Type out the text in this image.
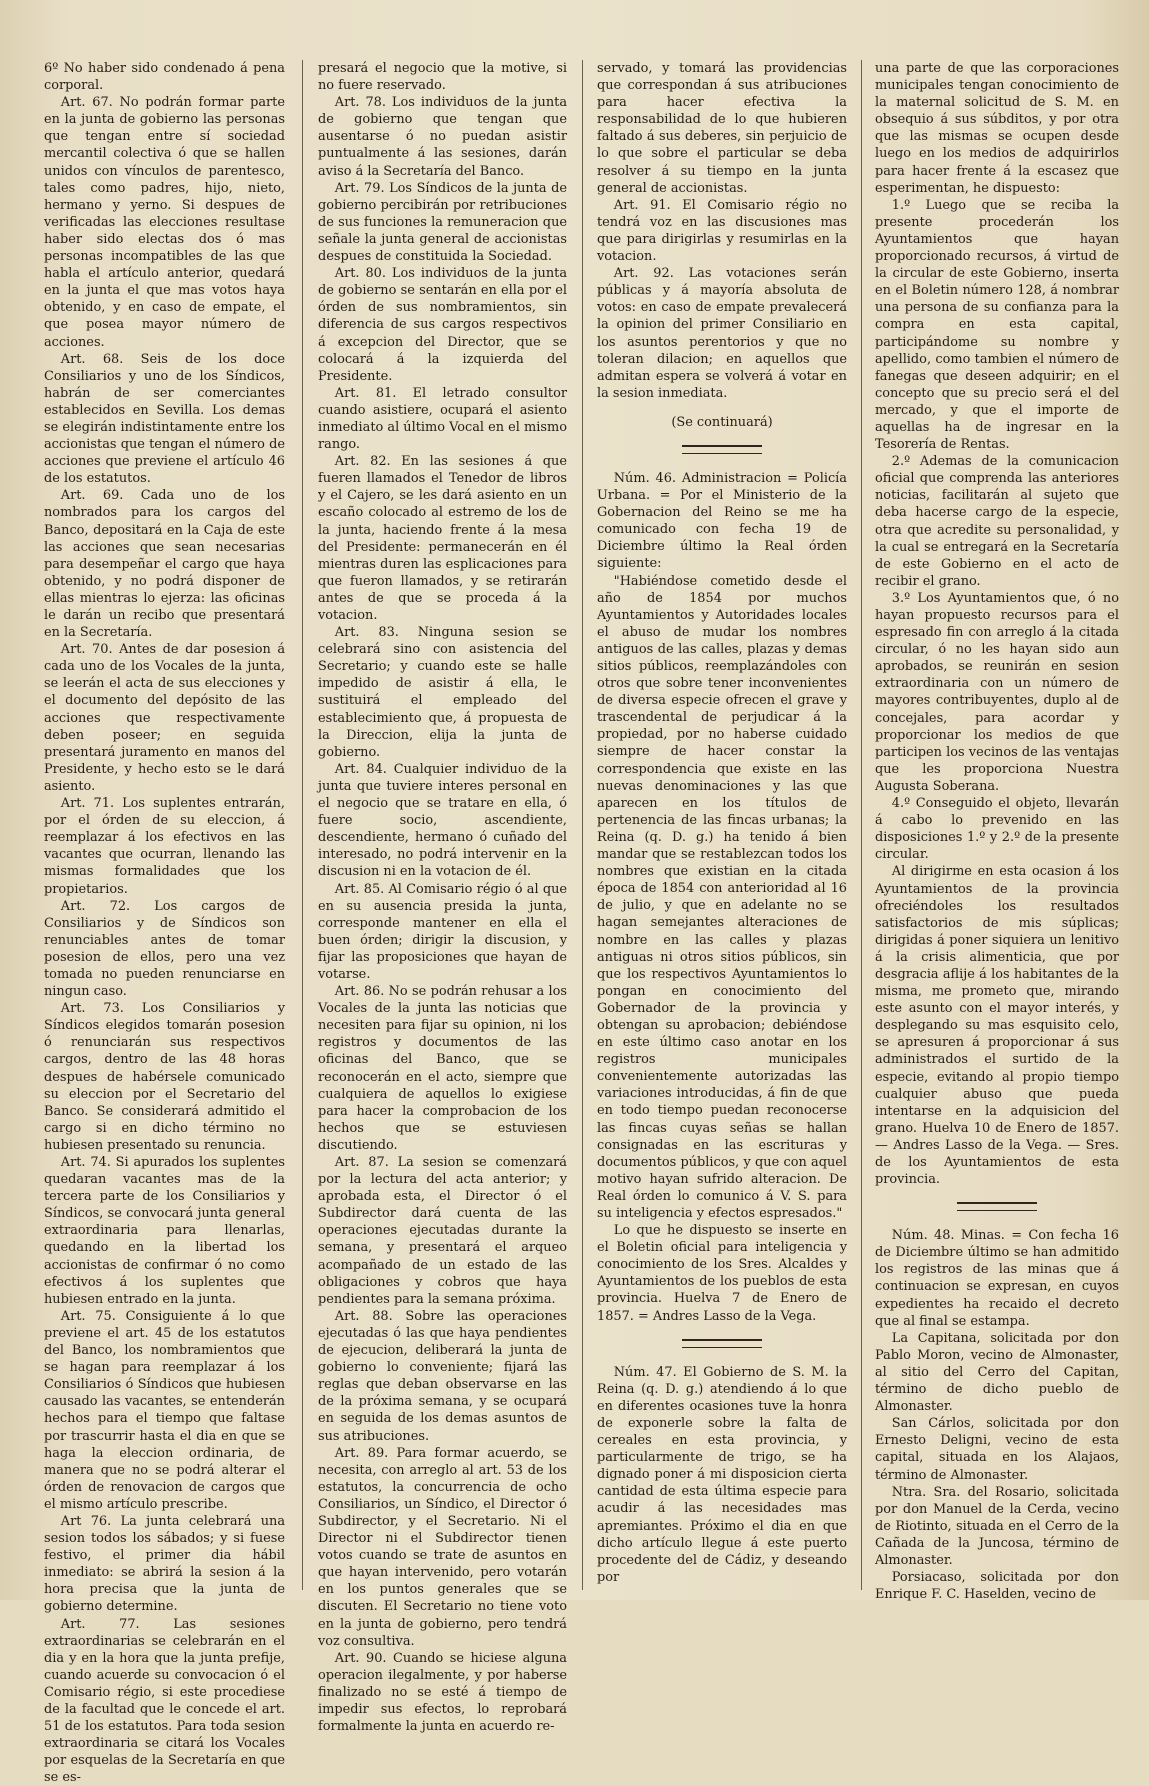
6º No haber sido condenado á pena corporal.

Art. 67. No podrán formar parte en la junta de gobierno las personas que tengan entre sí sociedad mercantil colectiva ó que se hallen unidos con vínculos de parentesco, tales como padres, hijo, nieto, hermano y yerno. Si despues de verificadas las elecciones resultase haber sido electas dos ó mas personas incompatibles de las que habla el artículo anterior, quedará en la junta el que mas votos haya obtenido, y en caso de empate, el que posea mayor número de acciones.

Art. 68. Seis de los doce Consiliarios y uno de los Síndicos, habrán de ser comerciantes establecidos en Sevilla. Los demas se elegirán indistintamente entre los accionistas que tengan el número de acciones que previene el artículo 46 de los estatutos.

Art. 69. Cada uno de los nombrados para los cargos del Banco, depositará en la Caja de este las acciones que sean necesarias para desempeñar el cargo que haya obtenido, y no podrá disponer de ellas mientras lo ejerza: las oficinas le darán un recibo que presentará en la Secretaría.

Art. 70. Antes de dar posesion á cada uno de los Vocales de la junta, se leerán el acta de sus elecciones y el documento del depósito de las acciones que respectivamente deben poseer; en seguida presentará juramento en manos del Presidente, y hecho esto se le dará asiento.

Art. 71. Los suplentes entrarán, por el órden de su eleccion, á reemplazar á los efectivos en las vacantes que ocurran, llenando las mismas formalidades que los propietarios.

Art. 72. Los cargos de Consiliarios y de Síndicos son renunciables antes de tomar posesion de ellos, pero una vez tomada no pueden renunciarse en ningun caso.

Art. 73. Los Consiliarios y Síndicos elegidos tomarán posesion ó renunciarán sus respectivos cargos, dentro de las 48 horas despues de habérsele comunicado su eleccion por el Secretario del Banco. Se considerará admitido el cargo si en dicho término no hubiesen presentado su renuncia.

Art. 74. Si apurados los suplentes quedaran vacantes mas de la tercera parte de los Consiliarios y Síndicos, se convocará junta general extraordinaria para llenarlas, quedando en la libertad los accionistas de confirmar ó no como efectivos á los suplentes que hubiesen entrado en la junta.

Art. 75. Consiguiente á lo que previene el art. 45 de los estatutos del Banco, los nombramientos que se hagan para reemplazar á los Consiliarios ó Síndicos que hubiesen causado las vacantes, se entenderán hechos para el tiempo que faltase por trascurrir hasta el dia en que se haga la eleccion ordinaria, de manera que no se podrá alterar el órden de renovacion de cargos que el mismo artículo prescribe.

Art 76. La junta celebrará una sesion todos los sábados; y si fuese festivo, el primer dia hábil inmediato: se abrirá la sesion á la hora precisa que la junta de gobierno determine.

Art. 77. Las sesiones extraordinarias se celebrarán en el dia y en la hora que la junta prefije, cuando acuerde su convocacion ó el Comisario régio, si este procediese de la facultad que le concede el art. 51 de los estatutos. Para toda sesion extraordinaria se citará los Vocales por esquelas de la Secretaría en que se es-

presará el negocio que la motive, si no fuere reservado.

Art. 78. Los individuos de la junta de gobierno que tengan que ausentarse ó no puedan asistir puntualmente á las sesiones, darán aviso á la Secretaría del Banco.

Art. 79. Los Síndicos de la junta de gobierno percibirán por retribuciones de sus funciones la remuneracion que señale la junta general de accionistas despues de constituida la Sociedad.

Art. 80. Los individuos de la junta de gobierno se sentarán en ella por el órden de sus nombramientos, sin diferencia de sus cargos respectivos á excepcion del Director, que se colocará á la izquierda del Presidente.

Art. 81. El letrado consultor cuando asistiere, ocupará el asiento inmediato al último Vocal en el mismo rango.

Art. 82. En las sesiones á que fueren llamados el Tenedor de libros y el Cajero, se les dará asiento en un escaño colocado al estremo de los de la junta, haciendo frente á la mesa del Presidente: permanecerán en él mientras duren las esplicaciones para que fueron llamados, y se retirarán antes de que se proceda á la votacion.

Art. 83. Ninguna sesion se celebrará sino con asistencia del Secretario; y cuando este se halle impedido de asistir á ella, le sustituirá el empleado del establecimiento que, á propuesta de la Direccion, elija la junta de gobierno.

Art. 84. Cualquier individuo de la junta que tuviere interes personal en el negocio que se tratare en ella, ó fuere socio, ascendiente, descendiente, hermano ó cuñado del interesado, no podrá intervenir en la discusion ni en la votacion de él.

Art. 85. Al Comisario régio ó al que en su ausencia presida la junta, corresponde mantener en ella el buen órden; dirigir la discusion, y fijar las proposiciones que hayan de votarse.

Art. 86. No se podrán rehusar a los Vocales de la junta las noticias que necesiten para fijar su opinion, ni los registros y documentos de las oficinas del Banco, que se reconocerán en el acto, siempre que cualquiera de aquellos lo exigiese para hacer la comprobacion de los hechos que se estuviesen discutiendo.

Art. 87. La sesion se comenzará por la lectura del acta anterior; y aprobada esta, el Director ó el Subdirector dará cuenta de las operaciones ejecutadas durante la semana, y presentará el arqueo acompañado de un estado de las obligaciones y cobros que haya pendientes para la semana próxima.

Art. 88. Sobre las operaciones ejecutadas ó las que haya pendientes de ejecucion, deliberará la junta de gobierno lo conveniente; fijará las reglas que deban observarse en las de la próxima semana, y se ocupará en seguida de los demas asuntos de sus atribuciones.

Art. 89. Para formar acuerdo, se necesita, con arreglo al art. 53 de los estatutos, la concurrencia de ocho Consiliarios, un Síndico, el Director ó Subdirector, y el Secretario. Ni el Director ni el Subdirector tienen votos cuando se trate de asuntos en que hayan intervenido, pero votarán en los puntos generales que se discuten. El Secretario no tiene voto en la junta de gobierno, pero tendrá voz consultiva.

Art. 90. Cuando se hiciese alguna operacion ilegalmente, y por haberse finalizado no se esté á tiempo de impedir sus efectos, lo reprobará formalmente la junta en acuerdo re-

servado, y tomará las providencias que correspondan á sus atribuciones para hacer efectiva la responsabilidad de lo que hubieren faltado á sus deberes, sin perjuicio de lo que sobre el particular se deba resolver á su tiempo en la junta general de accionistas.

Art. 91. El Comisario régio no tendrá voz en las discusiones mas que para dirigirlas y resumirlas en la votacion.

Art. 92. Las votaciones serán públicas y á mayoría absoluta de votos: en caso de empate prevalecerá la opinion del primer Consiliario en los asuntos perentorios y que no toleran dilacion; en aquellos que admitan espera se volverá á votar en la sesion inmediata.

(Se continuará)

Núm. 46. Administracion = Policía Urbana. = Por el Ministerio de la Gobernacion del Reino se me ha comunicado con fecha 19 de Diciembre último la Real órden siguiente:

"Habiéndose cometido desde el año de 1854 por muchos Ayuntamientos y Autoridades locales el abuso de mudar los nombres antiguos de las calles, plazas y demas sitios públicos, reemplazándoles con otros que sobre tener inconvenientes de diversa especie ofrecen el grave y trascendental de perjudicar á la propiedad, por no haberse cuidado siempre de hacer constar la correspondencia que existe en las nuevas denominaciones y las que aparecen en los títulos de pertenencia de las fincas urbanas; la Reina (q. D. g.) ha tenido á bien mandar que se restablezcan todos los nombres que existian en la citada época de 1854 con anterioridad al 16 de julio, y que en adelante no se hagan semejantes alteraciones de nombre en las calles y plazas antiguas ni otros sitios públicos, sin que los respectivos Ayuntamientos lo pongan en conocimiento del Gobernador de la provincia y obtengan su aprobacion; debiéndose en este último caso anotar en los registros municipales convenientemente autorizadas las variaciones introducidas, á fin de que en todo tiempo puedan reconocerse las fincas cuyas señas se hallan consignadas en las escrituras y documentos públicos, y que con aquel motivo hayan sufrido alteracion. De Real órden lo comunico á V. S. para su inteligencia y efectos espresados."

Lo que he dispuesto se inserte en el Boletin oficial para inteligencia y conocimiento de los Sres. Alcaldes y Ayuntamientos de los pueblos de esta provincia. Huelva 7 de Enero de 1857. = Andres Lasso de la Vega.

Núm. 47. El Gobierno de S. M. la Reina (q. D. g.) atendiendo á lo que en diferentes ocasiones tuve la honra de exponerle sobre la falta de cereales en esta provincia, y particularmente de trigo, se ha dignado poner á mi disposicion cierta cantidad de esta última especie para acudir á las necesidades mas apremiantes. Próximo el dia en que dicho artículo llegue á este puerto procedente del de Cádiz, y deseando por

una parte de que las corporaciones municipales tengan conocimiento de la maternal solicitud de S. M. en obsequio á sus súbditos, y por otra que las mismas se ocupen desde luego en los medios de adquirirlos para hacer frente á la escasez que esperimentan, he dispuesto:

1.º Luego que se reciba la presente procederán los Ayuntamientos que hayan proporcionado recursos, á virtud de la circular de este Gobierno, inserta en el Boletin número 128, á nombrar una persona de su confianza para la compra en esta capital, participándome su nombre y apellido, como tambien el número de fanegas que deseen adquirir; en el concepto que su precio será el del mercado, y que el importe de aquellas ha de ingresar en la Tesorería de Rentas.

2.º Ademas de la comunicacion oficial que comprenda las anteriores noticias, facilitarán al sujeto que deba hacerse cargo de la especie, otra que acredite su personalidad, y la cual se entregará en la Secretaría de este Gobierno en el acto de recibir el grano.

3.º Los Ayuntamientos que, ó no hayan propuesto recursos para el espresado fin con arreglo á la citada circular, ó no les hayan sido aun aprobados, se reunirán en sesion extraordinaria con un número de mayores contribuyentes, duplo al de concejales, para acordar y proporcionar los medios de que participen los vecinos de las ventajas que les proporciona Nuestra Augusta Soberana.

4.º Conseguido el objeto, llevarán á cabo lo prevenido en las disposiciones 1.º y 2.º de la presente circular.

Al dirigirme en esta ocasion á los Ayuntamientos de la provincia ofreciéndoles los resultados satisfactorios de mis súplicas; dirigidas á poner siquiera un lenitivo á la crisis alimenticia, que por desgracia aflije á los habitantes de la misma, me prometo que, mirando este asunto con el mayor interés, y desplegando su mas esquisito celo, se apresuren á proporcionar á sus administrados el surtido de la especie, evitando al propio tiempo cualquier abuso que pueda intentarse en la adquisicion del grano. Huelva 10 de Enero de 1857. — Andres Lasso de la Vega. — Sres. de los Ayuntamientos de esta provincia.

Núm. 48. Minas. = Con fecha 16 de Diciembre último se han admitido los registros de las minas que á continuacion se expresan, en cuyos expedientes ha recaido el decreto que al final se estampa.

La Capitana, solicitada por don Pablo Moron, vecino de Almonaster, al sitio del Cerro del Capitan, término de dicho pueblo de Almonaster.

San Cárlos, solicitada por don Ernesto Deligni, vecino de esta capital, situada en los Alajaos, término de Almonaster.

Ntra. Sra. del Rosario, solicitada por don Manuel de la Cerda, vecino de Riotinto, situada en el Cerro de la Cañada de la Juncosa, término de Almonaster.

Porsiacaso, solicitada por don Enrique F. C. Haselden, vecino de
